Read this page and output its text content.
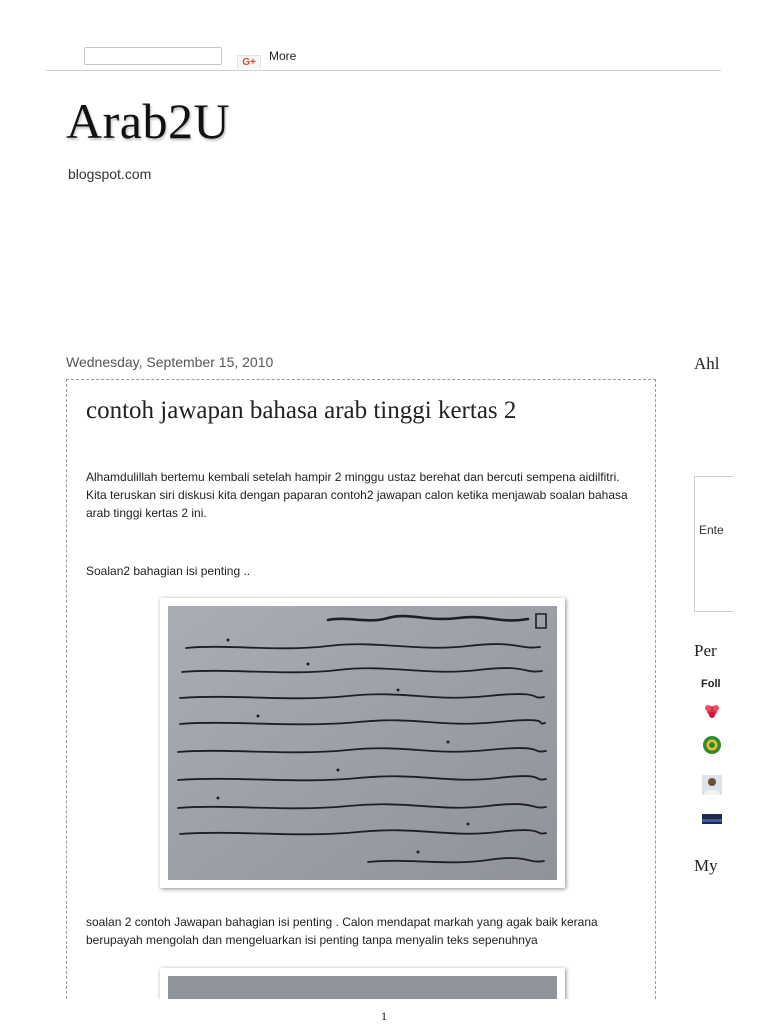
G+	More
Arab2U
blogspot.com
Wednesday, September 15, 2010
contoh jawapan bahasa arab tinggi kertas 2

Alhamdulillah bertemu kembali setelah hampir 2 minggu ustaz berehat dan bercuti sempena aidilfitri. Kita teruskan siri diskusi kita dengan paparan contoh2 jawapan calon ketika menjawab soalan bahasa arab tinggi kertas 2 ini.

Soalan2 bahagian isi penting ..

soalan 2 contoh Jawapan bahagian isi penting . Calon mendapat markah yang agak baik kerana berupayah mengolah dan mengeluarkan isi penting tanpa menyalin teks sepenuhnya

Ahl
Ente
Per
Foll
My
1
